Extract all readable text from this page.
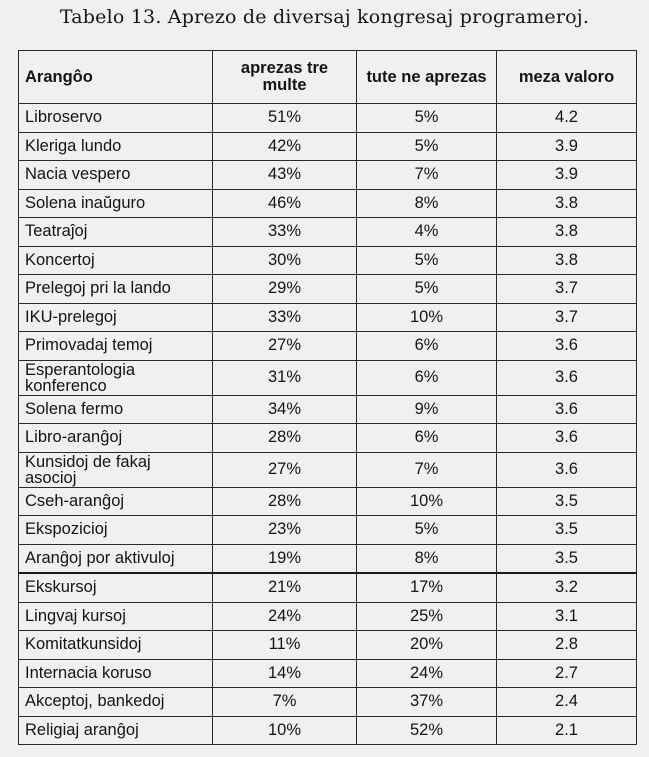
Tabelo 13. Aprezo de diversaj kongresaj programeroj.
Arangôo	aprezas tre multe	tute ne aprezas	meza valoro
Libroservo	51%	5%	4.2
Kleriga lundo	42%	5%	3.9
Nacia vespero	43%	7%	3.9
Solena inaŭguro	46%	8%	3.8
Teatraĵoj	33%	4%	3.8
Koncertoj	30%	5%	3.8
Prelegoj pri la lando	29%	5%	3.7
IKU-prelegoj	33%	10%	3.7
Primovadaj temoj	27%	6%	3.6
Esperantologia konferenco	31%	6%	3.6
Solena fermo	34%	9%	3.6
Libro-aranĝoj	28%	6%	3.6
Kunsidoj de fakaj asocioj	27%	7%	3.6
Cseh-aranĝoj	28%	10%	3.5
Ekspozicioj	23%	5%	3.5
Aranĝoj por aktivuloj	19%	8%	3.5
Ekskursoj	21%	17%	3.2
Lingvaj kursoj	24%	25%	3.1
Komitatkunsidoj	11%	20%	2.8
Internacia koruso	14%	24%	2.7
Akceptoj, bankedoj	7%	37%	2.4
Religiaj aranĝoj	10%	52%	2.1
